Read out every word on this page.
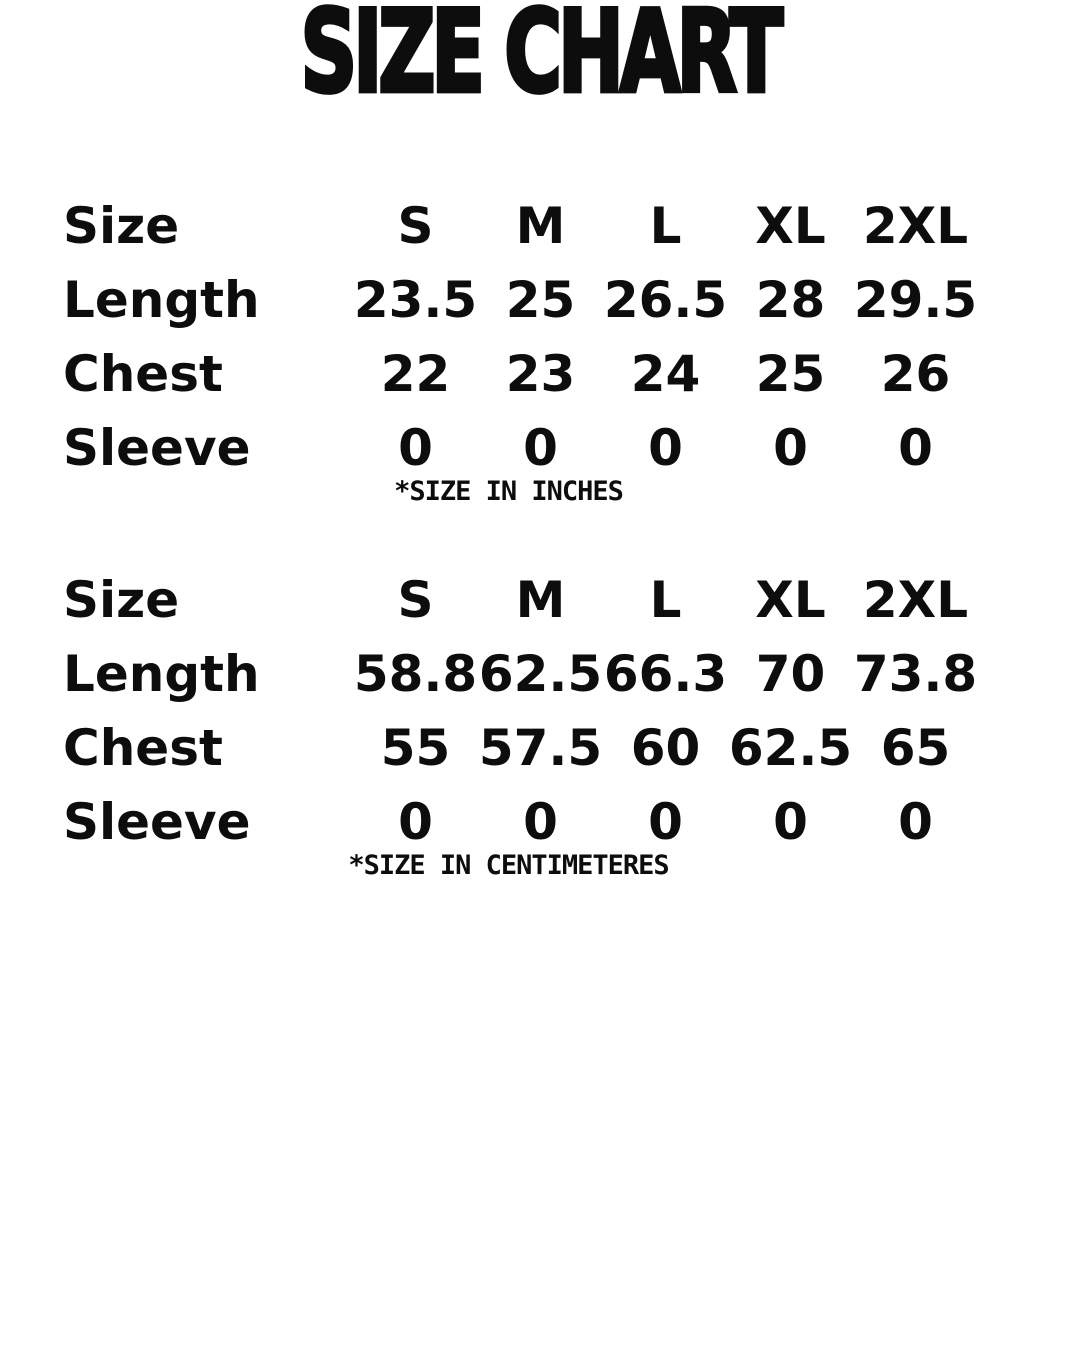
SIZE CHART
Size	S	M	L	XL 2XL
Length	23.5 25 26.5 28 29.5
Chest	22	23	24	25	26
Sleeve	0	0	0	0	0
*SIZE IN INCHES
Size	S	M	L	XL 2XL
Length	58.8 62.5 66.3 70 73.8
Chest	55 57.5 60 62.5 65
Sleeve	0	0	0	0	0
*SIZE IN CENTIMETERES
